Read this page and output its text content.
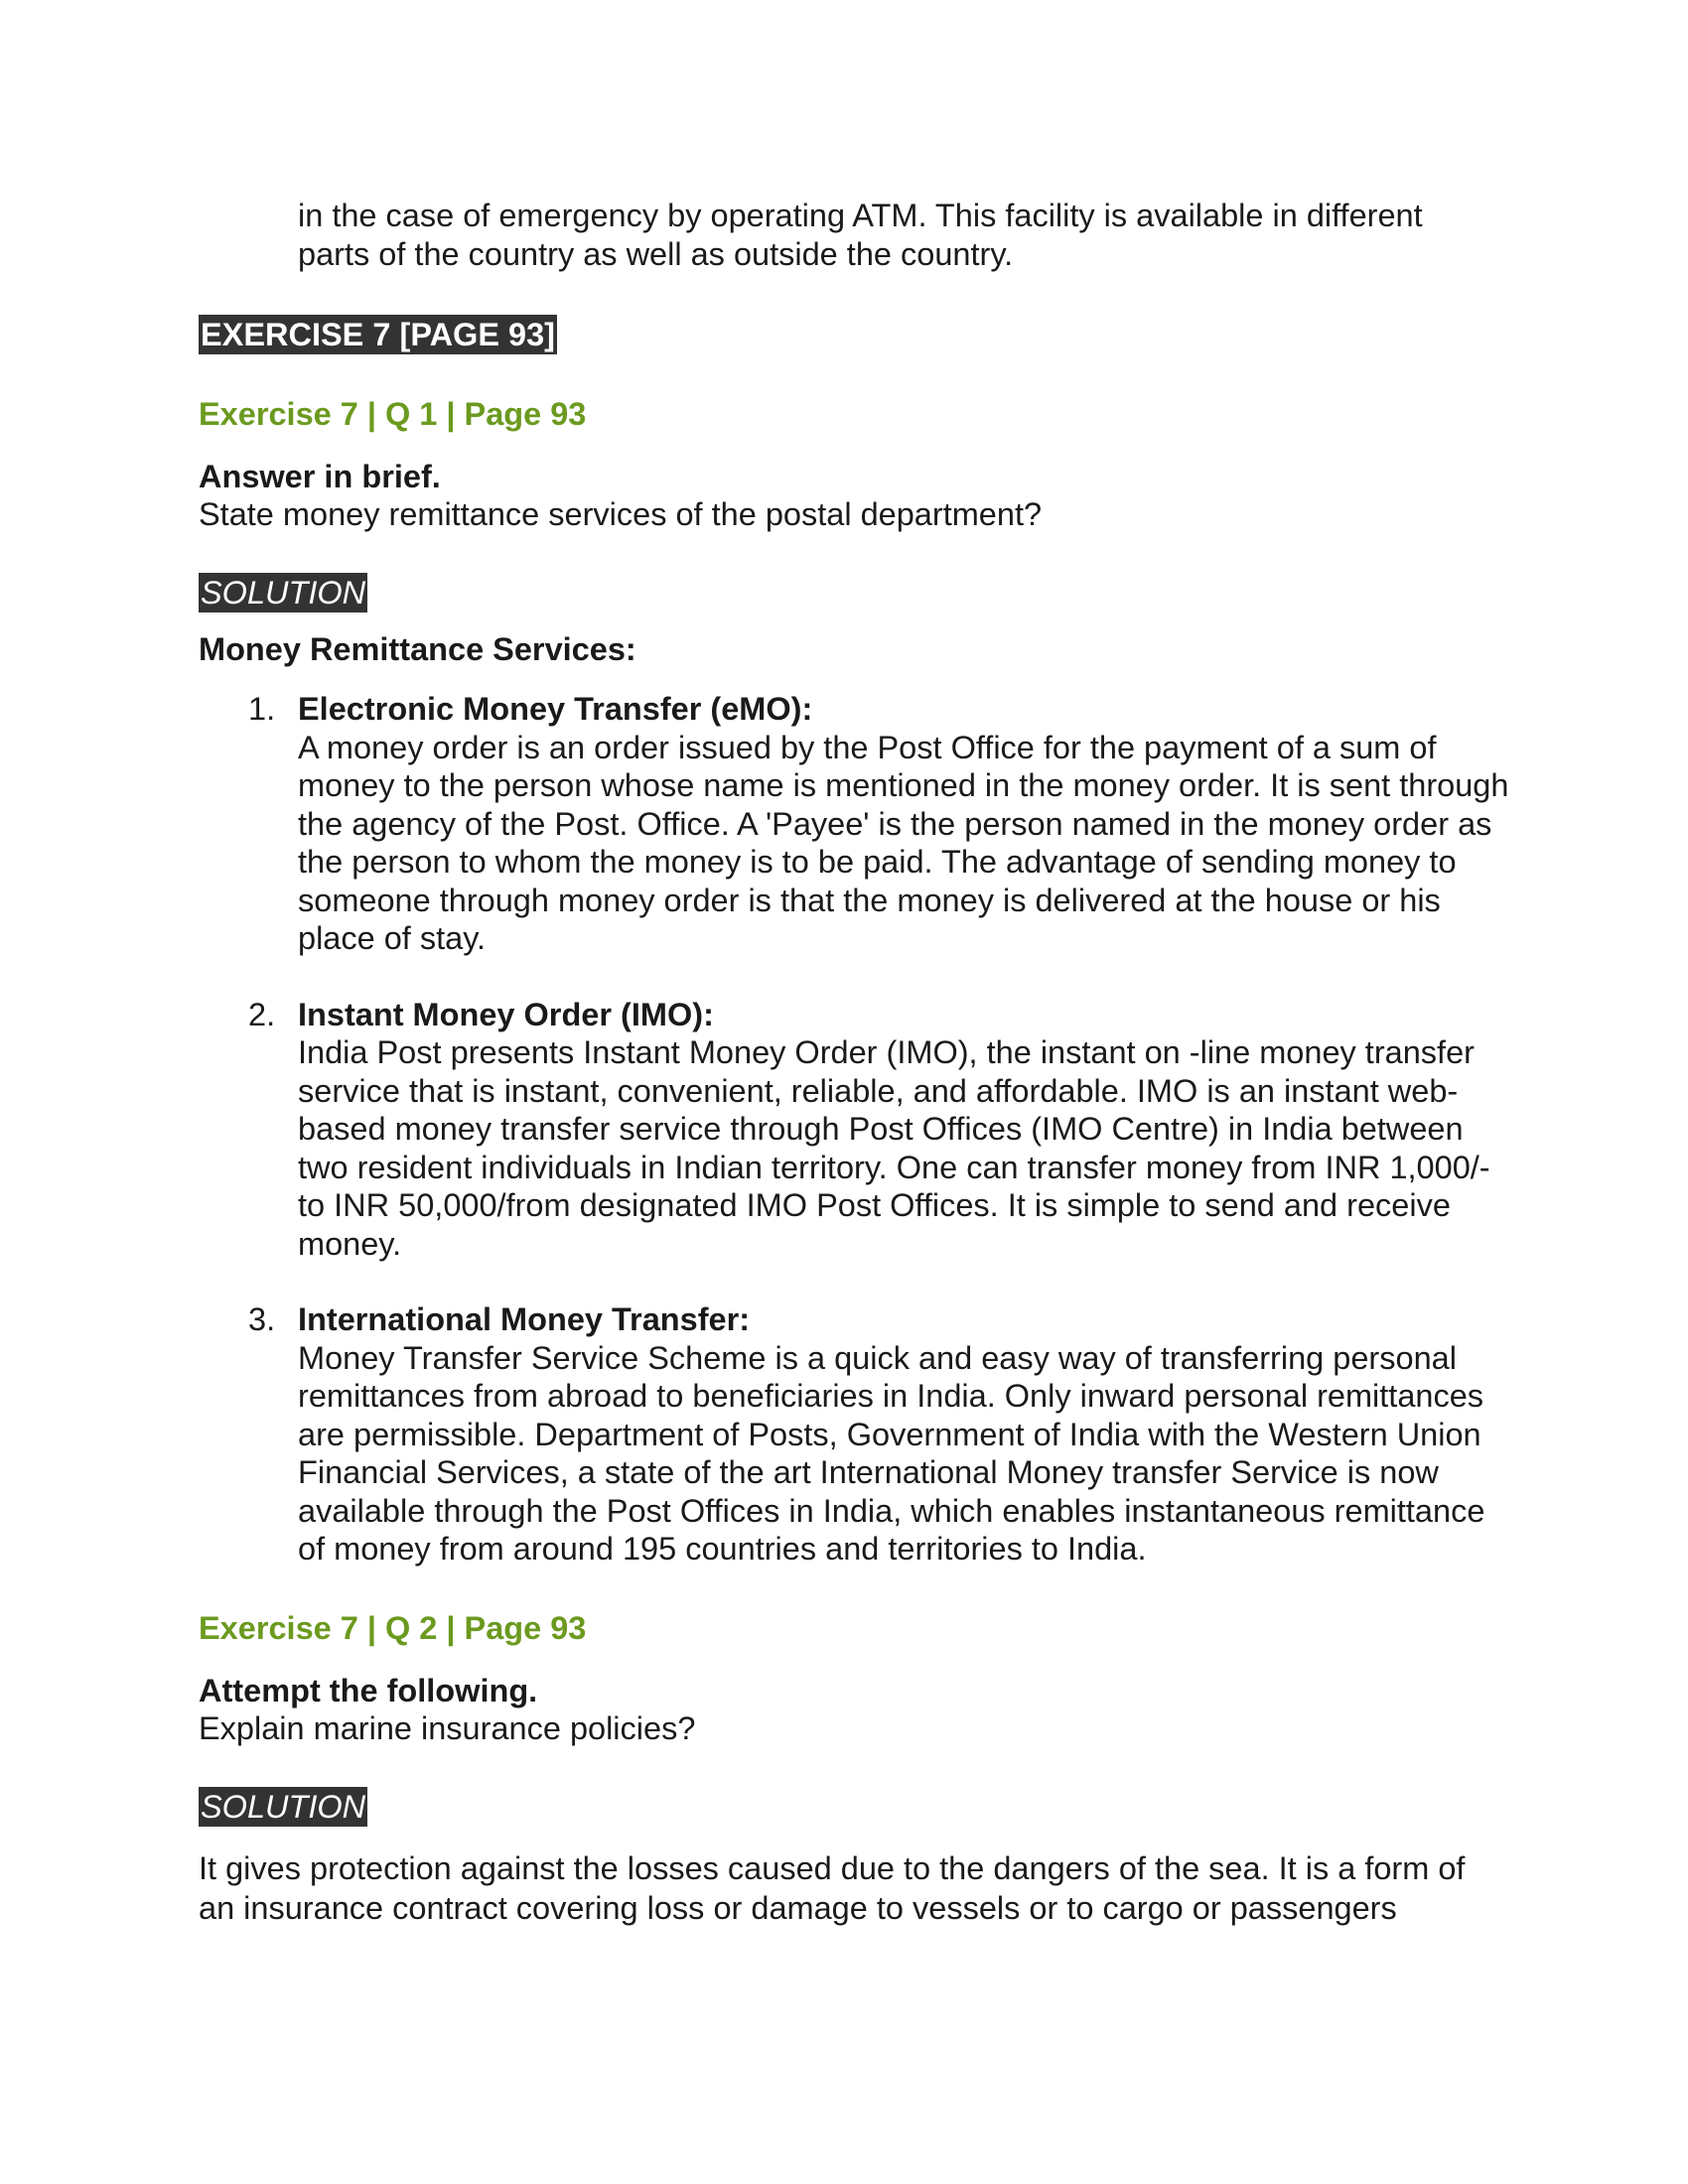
in the case of emergency by operating ATM. This facility is available in different parts of the country as well as outside the country.

EXERCISE 7 [PAGE 93]

Exercise 7 | Q 1 | Page 93

Answer in brief.

State money remittance services of the postal department?

SOLUTION

Money Remittance Services:

1. Electronic Money Transfer (eMO):

A money order is an order issued by the Post Office for the payment of a sum of money to the person whose name is mentioned in the money order. It is sent through the agency of the Post. Office. A 'Payee' is the person named in the money order as the person to whom the money is to be paid. The advantage of sending money to someone through money order is that the money is delivered at the house or his place of stay.

2. Instant Money Order (IMO):

India Post presents Instant Money Order (IMO), the instant on -line money transfer service that is instant, convenient, reliable, and affordable. IMO is an instant web-based money transfer service through Post Offices (IMO Centre) in India between two resident individuals in Indian territory. One can transfer money from INR 1,000/- to INR 50,000/from designated IMO Post Offices. It is simple to send and receive money.

3. International Money Transfer:

Money Transfer Service Scheme is a quick and easy way of transferring personal remittances from abroad to beneficiaries in India. Only inward personal remittances are permissible. Department of Posts, Government of India with the Western Union Financial Services, a state of the art International Money transfer Service is now available through the Post Offices in India, which enables instantaneous remittance of money from around 195 countries and territories to India.

Exercise 7 | Q 2 | Page 93

Attempt the following.

Explain marine insurance policies?

SOLUTION

It gives protection against the losses caused due to the dangers of the sea. It is a form of an insurance contract covering loss or damage to vessels or to cargo or passengers
